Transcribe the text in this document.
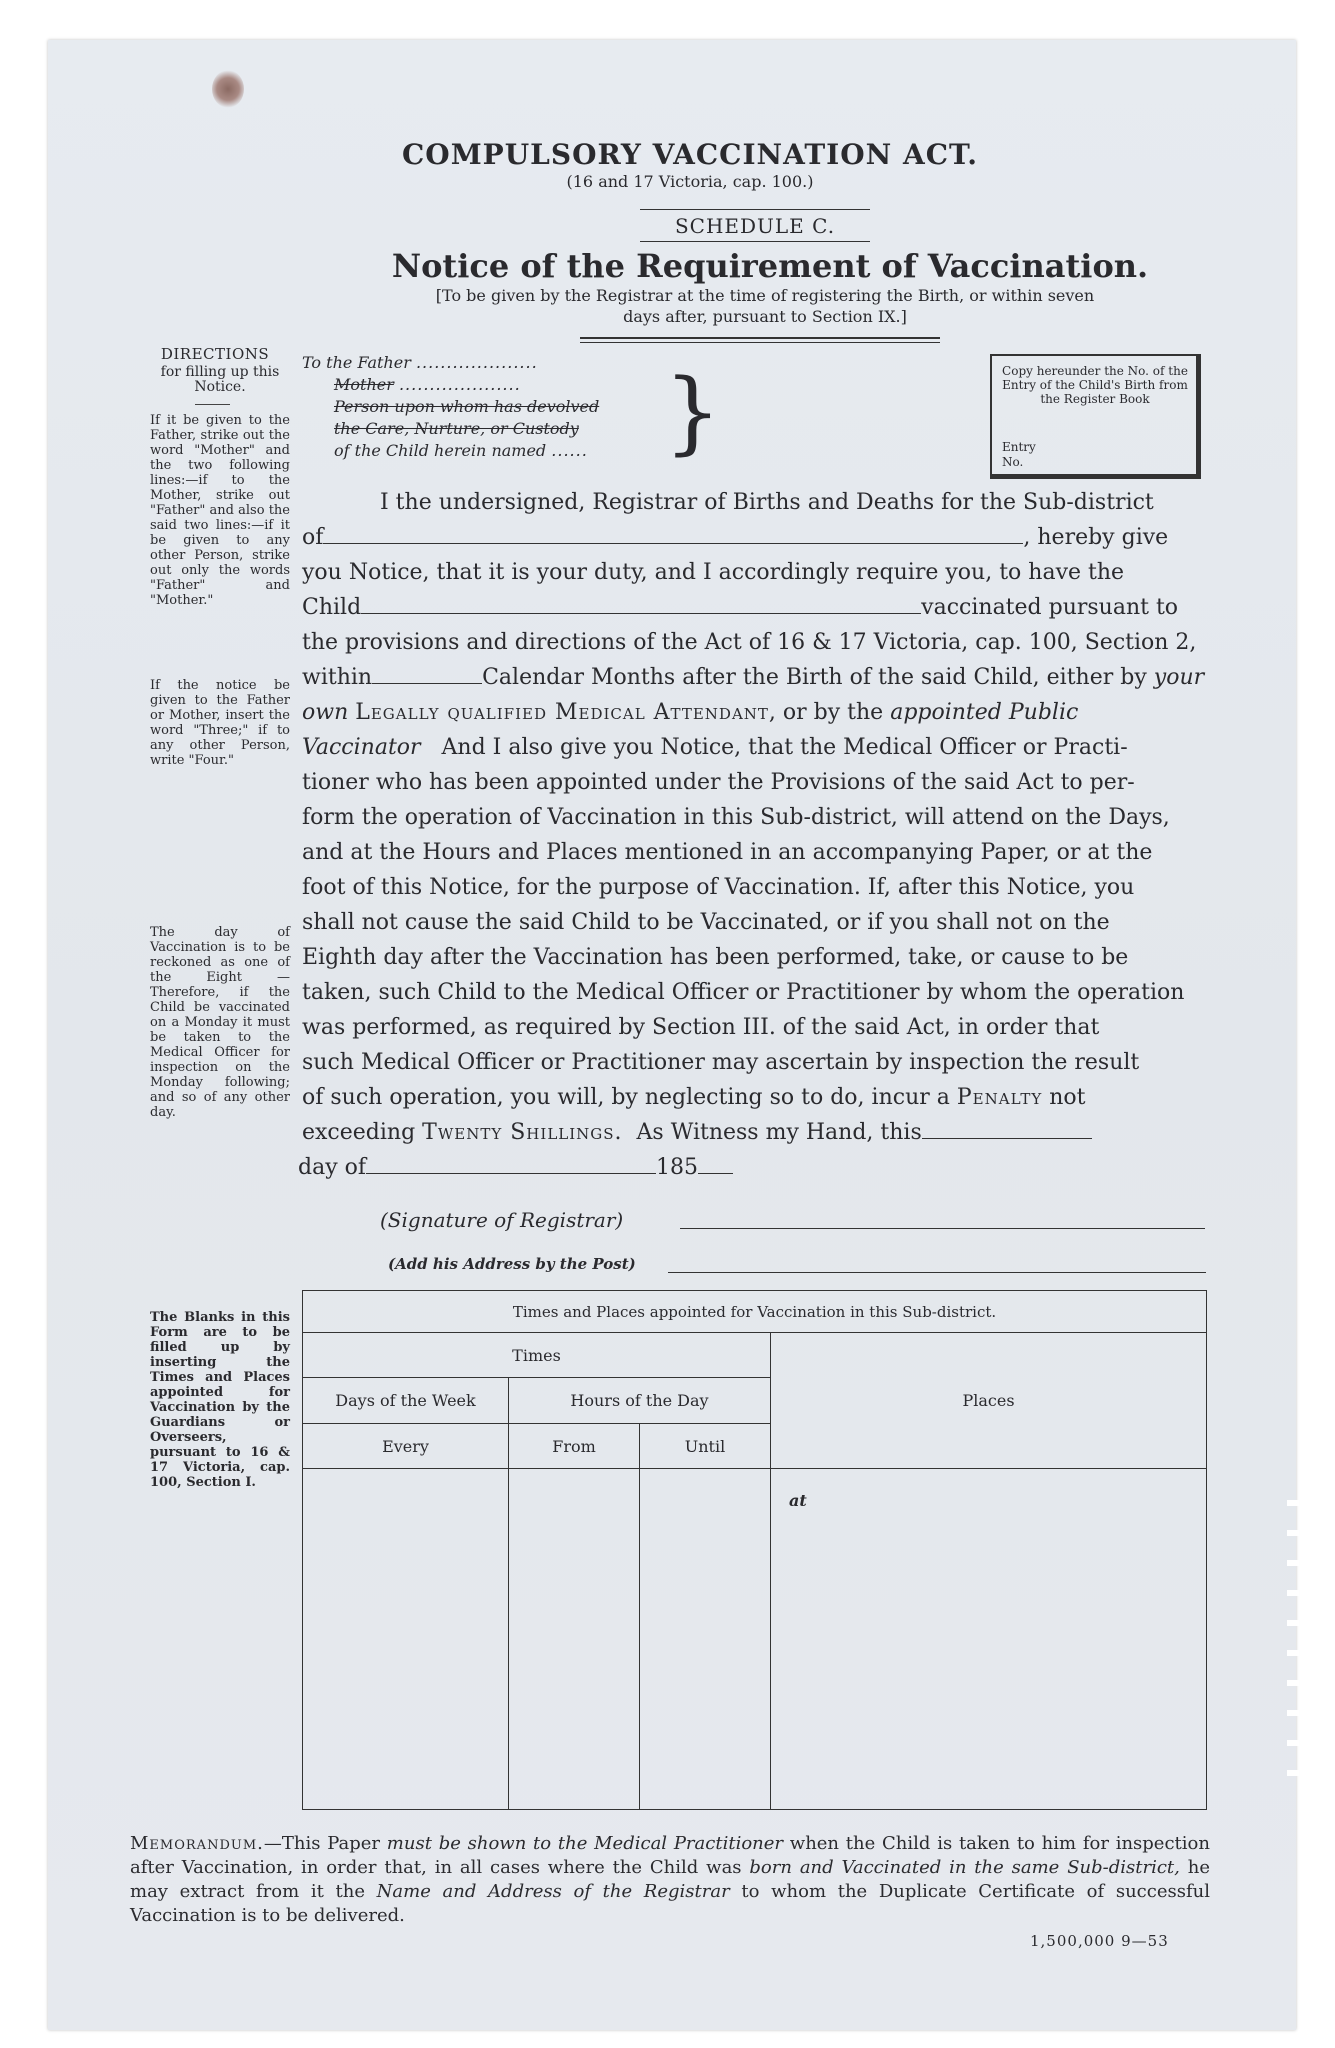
COMPULSORY VACCINATION ACT.
(16 and 17 Victoria, cap. 100.)
SCHEDULE C.
Notice of the Requirement of Vaccination.
[To be given by the Registrar at the time of registering the Birth, or within seven
days after, pursuant to Section IX.]
DIRECTIONS
for filling up this Notice.
If it be given to the Father, strike out the word "Mother" and the two following lines:—if to the Mother, strike out "Father" and also the said two lines:—if it be given to any other Person, strike out only the words "Father" and "Mother."
If the notice be given to the Father or Mother, insert the word "Three;" if to any other Person, write "Four."
The day of Vaccination is to be reckoned as one of the Eight —Therefore, if the Child be vaccinated on a Monday it must be taken to the Medical Officer for inspection on the Monday following; and so of any other day.
The Blanks in this Form are to be filled up by inserting the Times and Places appointed for Vaccination by the Guardians or Overseers, pursuant to 16 & 17 Victoria, cap. 100, Section I.
To the Father ....................
Mother ....................
Person upon whom has devolved
the Care, Nurture, or Custody
of the Child herein named ...... }	Copy hereunder the No. of the Entry of the Child's Birth from the Register Book
Entry
No.
I the undersigned, Registrar of Births and Deaths for the Sub-district
of	, hereby give
you Notice, that it is your duty, and I accordingly require you, to have the
Child	vaccinated pursuant to
the provisions and directions of the Act of 16 & 17 Victoria, cap. 100, Section 2,
within	Calendar Months after the Birth of the said Child, either by your
own Legally qualified Medical Attendant, or by the appointed Public
Vaccinator And I also give you Notice, that the Medical Officer or Practi-
tioner who has been appointed under the Provisions of the said Act to per-
form the operation of Vaccination in this Sub-district, will attend on the Days,
and at the Hours and Places mentioned in an accompanying Paper, or at the
foot of this Notice, for the purpose of Vaccination. If, after this Notice, you
shall not cause the said Child to be Vaccinated, or if you shall not on the
Eighth day after the Vaccination has been performed, take, or cause to be
taken, such Child to the Medical Officer or Practitioner by whom the operation
was performed, as required by Section III. of the said Act, in order that
such Medical Officer or Practitioner may ascertain by inspection the result
of such operation, you will, by neglecting so to do, incur a Penalty not
exceeding Twenty Shillings. As Witness my Hand, this
day of	185
(Signature of Registrar)
(Add his Address by the Post)
Times and Places appointed for Vaccination in this Sub-district.			
Times			Places
Days of the Week	Hours of the Day		
Every	From	Until	
			at
Memorandum.—This Paper must be shown to the Medical Practitioner when the Child is taken to him for inspection after Vaccination, in order that, in all cases where the Child was born and Vaccinated in the same Sub-district, he may extract from it the Name and Address of the Registrar to whom the Duplicate Certificate of successful Vaccination is to be delivered.
1,500,000 9—53
